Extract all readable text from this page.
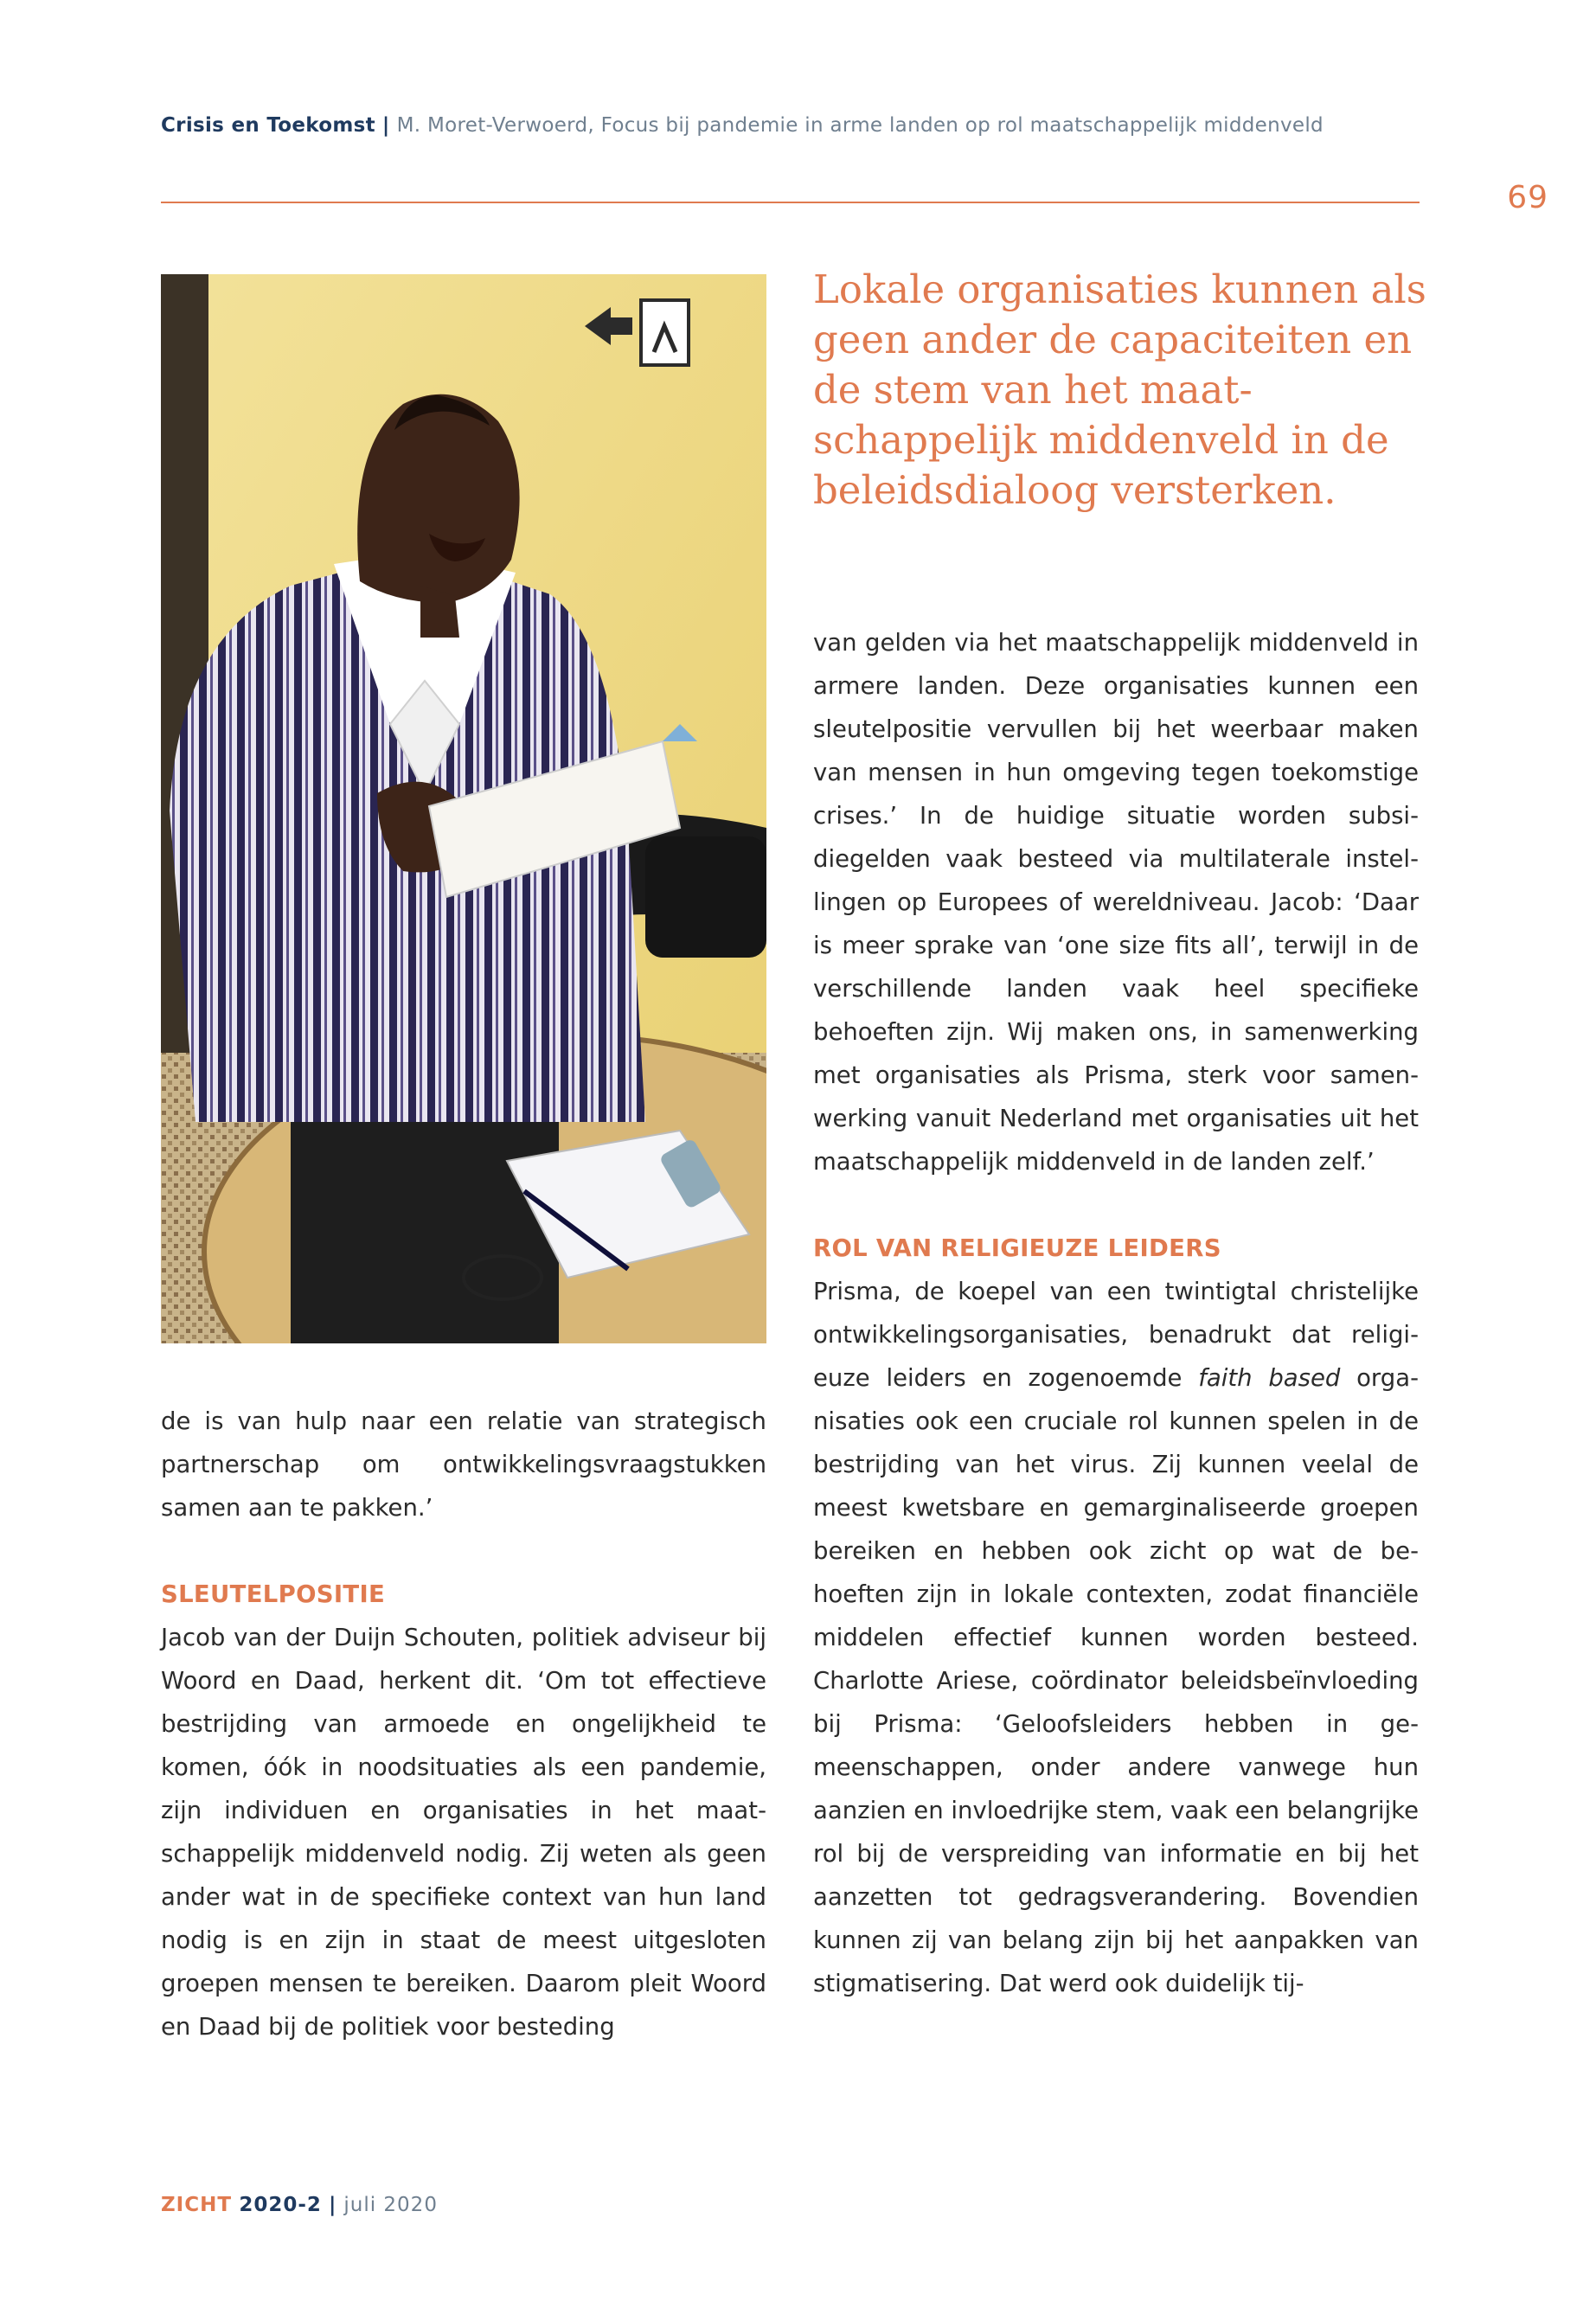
Crisis en Toekomst | M. Moret-Verwoerd, Focus bij pandemie in arme landen op rol maatschappelijk middenveld
69
Lokale organisaties kunnen als geen ander de capaciteiten en de stem van het maatschappelijk middenveld in de beleidsdialoog versterken.

van gelden via het maatschappelijk middenveld in armere landen. Deze organisaties kunnen een sleutelpositie vervullen bij het weerbaar maken van mensen in hun omgeving tegen toekomstige crises.’ In de huidige situatie worden subsidiegelden vaak besteed via multilaterale instellingen op Europees of wereldniveau. Jacob: ‘Daar is meer sprake van ‘one size fits all’, terwijl in de verschillende landen vaak heel specifieke behoeften zijn. Wij maken ons, in samenwerking met organisaties als Prisma, sterk voor samenwerking vanuit Nederland met organisaties uit het maatschappelijk middenveld in de landen zelf.’

ROL VAN RELIGIEUZE LEIDERS

Prisma, de koepel van een twintigtal christelijke ontwikkelingsorganisaties, benadrukt dat religieuze leiders en zogenoemde faith based organisaties ook een cruciale rol kunnen spelen in de bestrijding van het virus. Zij kunnen veelal de meest kwetsbare en gemarginaliseerde groepen bereiken en hebben ook zicht op wat de behoeften zijn in lokale contexten, zodat financiële middelen effectief kunnen worden besteed. Charlotte Ariese, coördinator beleidsbeïnvloeding bij Prisma: ‘Geloofsleiders hebben in gemeenschappen, onder andere vanwege hun aanzien en invloedrijke stem, vaak een belangrijke rol bij de verspreiding van informatie en bij het aanzetten tot gedragsverandering. Bovendien kunnen zij van belang zijn bij het aanpakken van stigmatisering. Dat werd ook duidelijk tij-

de is van hulp naar een relatie van strategisch partnerschap om ontwikkelingsvraagstukken samen aan te pakken.’

SLEUTELPOSITIE

Jacob van der Duijn Schouten, politiek adviseur bij Woord en Daad, herkent dit. ‘Om tot effectieve bestrijding van armoede en ongelijkheid te komen, óók in noodsituaties als een pandemie, zijn individuen en organisaties in het maatschappelijk middenveld nodig. Zij weten als geen ander wat in de specifieke context van hun land nodig is en zijn in staat de meest uitgesloten groepen mensen te bereiken. Daarom pleit Woord en Daad bij de politiek voor besteding

ZICHT 2020-2 | juli 2020
